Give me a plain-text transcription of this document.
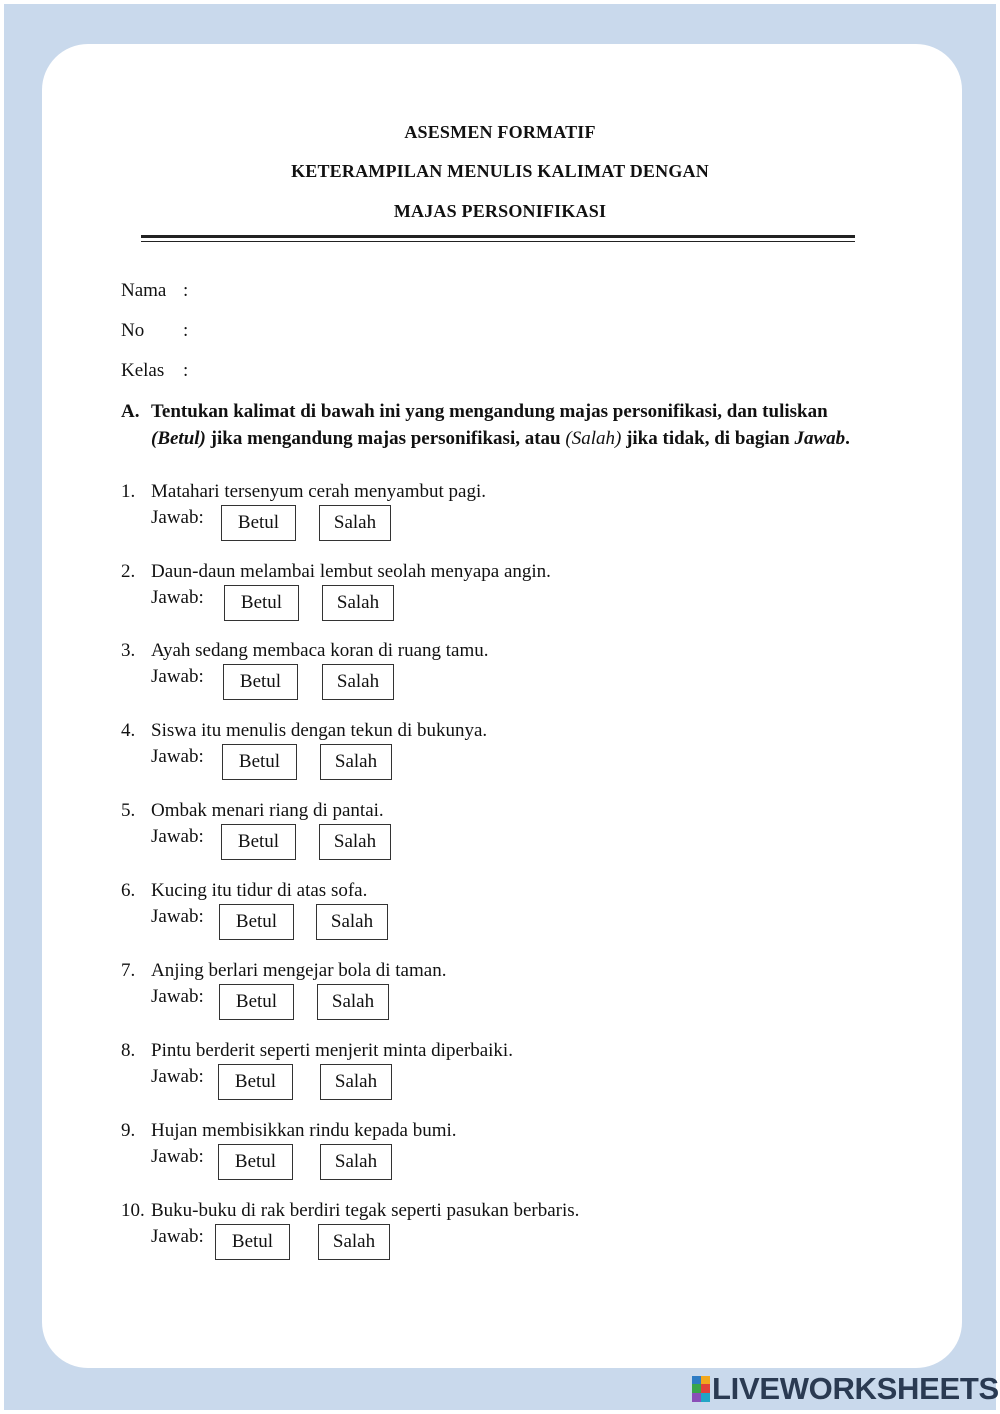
ASESMEN FORMATIF
KETERAMPILAN MENULIS KALIMAT DENGAN
MAJAS PERSONIFIKASI
Nama :
No :
Kelas :
A. Tentukan kalimat di bawah ini yang mengandung majas personifikasi, dan tuliskan (Betul) jika mengandung majas personifikasi, atau (Salah) jika tidak, di bagian Jawab.
1. Matahari tersenyum cerah menyambut pagi.
Jawab:	Betul	Salah
2. Daun-daun melambai lembut seolah menyapa angin.
Jawab:	Betul	Salah
3. Ayah sedang membaca koran di ruang tamu.
Jawab:	Betul	Salah
4. Siswa itu menulis dengan tekun di bukunya.
Jawab:	Betul	Salah
5. Ombak menari riang di pantai.
Jawab:	Betul	Salah
6. Kucing itu tidur di atas sofa.
Jawab:	Betul	Salah
7. Anjing berlari mengejar bola di taman.
Jawab:	Betul	Salah
8. Pintu berderit seperti menjerit minta diperbaiki.
Jawab:	Betul	Salah
9. Hujan membisikkan rindu kepada bumi.
Jawab:	Betul	Salah
10. Buku-buku di rak berdiri tegak seperti pasukan berbaris.
Jawab:	Betul	Salah
LIVEWORKSHEETS
